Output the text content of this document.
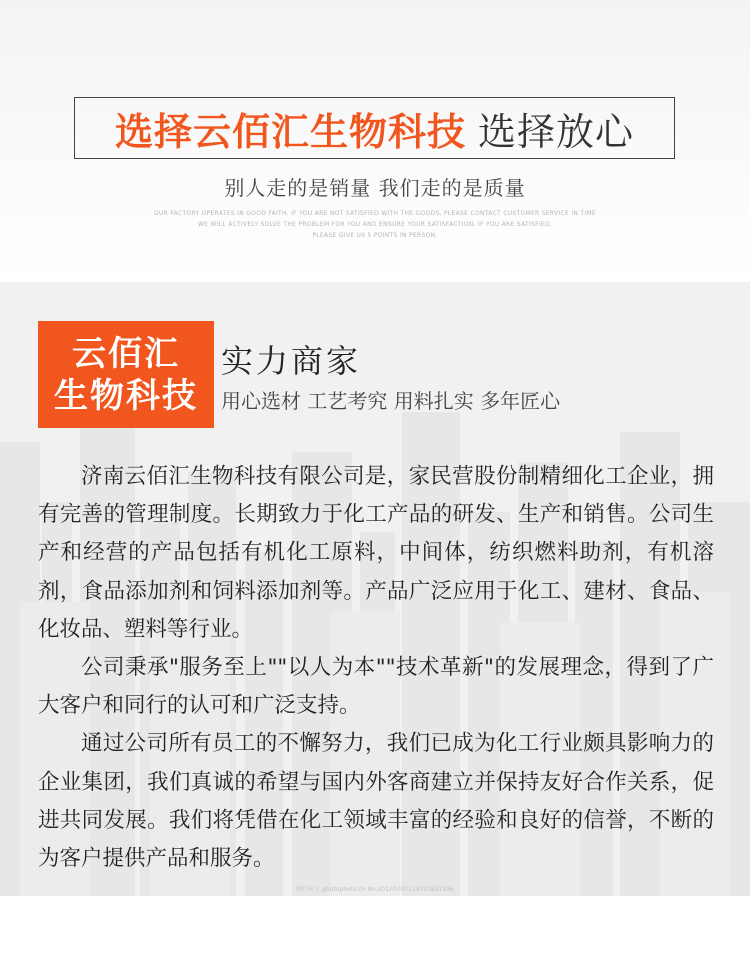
选择云佰汇生物科技 选择放心
别人走的是销量 我们走的是质量
OUR FACTORY OPERATES IN GOOD FAITH. IF YOU ARE NOT SATISFIED WITH THE GOODS, PLEASE CONTACT CUSTOMER SERVICE IN TIME
WE WILL ACTIVELY SOLVE THE PROBLEM FOR YOU AND ENSURE YOUR SATISFACTION. IF YOU ARE SATISFIED,
PLEASE GIVE US 5 POINTS IN PERSON.
云佰汇
生物科技
实力商家
用心选材 工艺考究 用料扎实 多年匠心

济南云佰汇生物科技有限公司是，家民营股份制精细化工企业，拥有完善的管理制度。长期致力于化工产品的研发、生产和销售。公司生产和经营的产品包括有机化工原料，中间体，纺织燃料助剂，有机溶剂，食品添加剂和饲料添加剂等。产品广泛应用于化工、建材、食品、化妆品、塑料等行业。

公司秉承"服务至上""以人为本""技术革新"的发展理念，得到了广大客户和同行的认可和广泛支持。

通过公司所有员工的不懈努力，我们已成为化工行业颇具影响力的企业集团，我们真诚的希望与国内外客商建立并保持友好合作关系，促进共同发展。我们将凭借在化工领域丰富的经验和良好的信誉，不断的为客户提供产品和服务。

图行天下 photophoto.cn No.20170707119727837196
